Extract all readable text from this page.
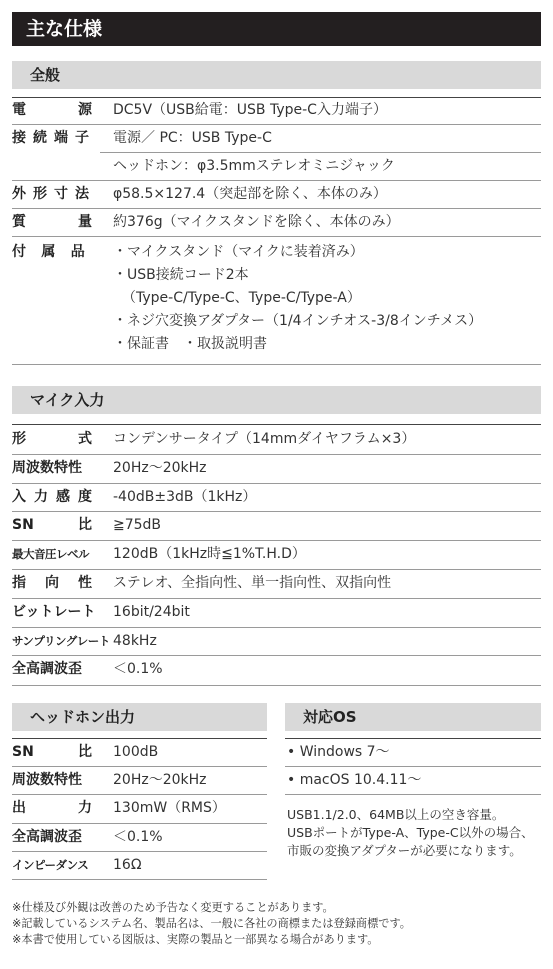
主な仕様
全般
電　源 DC5V（USB給電：USB Type-C入力端子）
接続端子 電源／ PC：USB Type-C
ヘッドホン：φ3.5mmステレオミニジャック
外形寸法 φ58.5×127.4（突起部を除く、本体のみ）
質　量 約376g（マイクスタンドを除く、本体のみ）
付属品 ・マイクスタンド（マイクに装着済み）
・USB接続コード2本
（Type-C/Type-C、Type-C/Type-A）
・ネジ穴変換アダプター（1/4インチオス-3/8インチメス）
・保証書　・取扱説明書
マイク入力
形　式 コンデンサータイプ（14mmダイヤフラム×3）
周波数特性 20Hz～20kHz
入力感度 -40dB±3dB（1kHz）
SN比 ≧75dB
最大音圧レベル 120dB（1kHz時≦1%T.H.D）
指向性 ステレオ、全指向性、単一指向性、双指向性
ビットレート 16bit/24bit
サンプリングレート 48kHz
全高調波歪 ＜0.1%
ヘッドホン出力
SN比 100dB
周波数特性 20Hz～20kHz
出　力 130mW（RMS）
全高調波歪 ＜0.1%
インピーダンス 16Ω
対応OS
• Windows 7～
• macOS 10.4.11～
USB1.1/2.0、64MB以上の空き容量。
USBポートがType-A、Type-C以外の場合、
市販の変換アダプターが必要になります。
※仕様及び外観は改善のため予告なく変更することがあります。
※記載しているシステム名、製品名は、一般に各社の商標または登録商標です。
※本書で使用している図版は、実際の製品と一部異なる場合があります。
